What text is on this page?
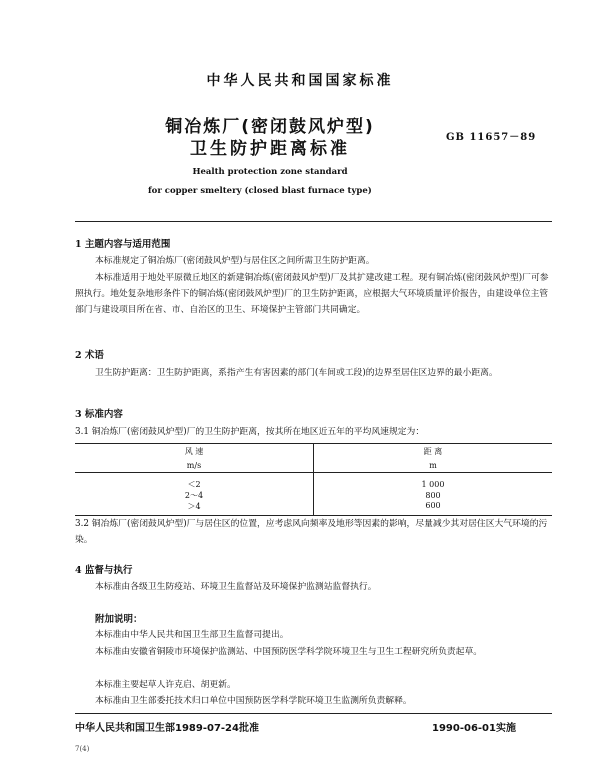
中华人民共和国国家标准
铜冶炼厂(密闭鼓风炉型)
卫生防护距离标准
GB 11657－89
Health protection zone standard
for copper smeltery (closed blast furnace type)
1 主题内容与适用范围
本标准规定了铜冶炼厂(密闭鼓风炉型)与居住区之间所需卫生防护距离。
本标准适用于地处平原微丘地区的新建铜冶炼(密闭鼓风炉型)厂及其扩建改建工程。现有铜冶炼(密闭鼓风炉型)厂可参照执行。地处复杂地形条件下的铜冶炼(密闭鼓风炉型)厂的卫生防护距离，应根据大气环境质量评价报告，由建设单位主管部门与建设项目所在省、市、自治区的卫生、环境保护主管部门共同确定。
2 术语
卫生防护距离：卫生防护距离，系指产生有害因素的部门(车间或工段)的边界至居住区边界的最小距离。
3 标准内容
3.1 铜冶炼厂(密闭鼓风炉型)厂的卫生防护距离，按其所在地区近五年的平均风速规定为：
风 速	距 离
m/s	m

＜2	1 000
2～4	800
＞4	600
3.2 铜冶炼厂(密闭鼓风炉型)厂与居住区的位置，应考虑风向频率及地形等因素的影响，尽量减少其对居住区大气环境的污染。
4 监督与执行
本标准由各级卫生防疫站、环境卫生监督站及环境保护监测站监督执行。
附加说明：
本标准由中华人民共和国卫生部卫生监督司提出。
本标准由安徽省铜陵市环境保护监测站、中国预防医学科学院环境卫生与卫生工程研究所负责起草。
本标准主要起草人许克启、胡更新。
本标准由卫生部委托技术归口单位中国预防医学科学院环境卫生监测所负责解释。
中华人民共和国卫生部1989-07-24批准	1990-06-01实施
7(4)
